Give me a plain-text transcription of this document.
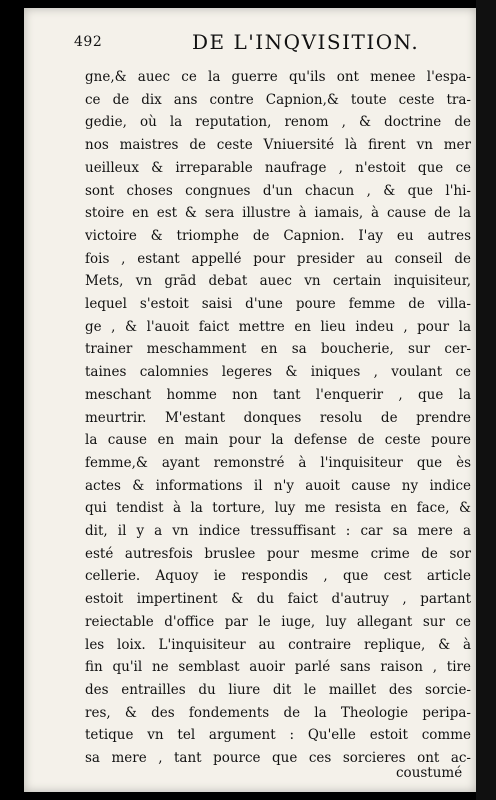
492	DE L'INQVISITION.
gne,& auec ce la guerre qu'ils ont menee l'espa-
ce de dix ans contre Capnion,& toute ceste tra-
gedie, où la reputation, renom , & doctrine de
nos maistres de ceste Vniuersité là firent vn mer
ueilleux & irreparable naufrage , n'estoit que ce
sont choses congnues d'un chacun , & que l'hi-
stoire en est & sera illustre à iamais, à cause de la
victoire & triomphe de Capnion. I'ay eu autres
fois , estant appellé pour presider au conseil de
Mets, vn grād debat auec vn certain inquisiteur,
lequel s'estoit saisi d'une poure femme de villa-
ge , & l'auoit faict mettre en lieu indeu , pour la
trainer meschamment en sa boucherie, sur cer-
taines calomnies legeres & iniques , voulant ce
meschant homme non tant l'enquerir , que la
meurtrir. M'estant donques resolu de prendre
la cause en main pour la defense de ceste poure
femme,& ayant remonstré à l'inquisiteur que ès
actes & informations il n'y auoit cause ny indice
qui tendist à la torture, luy me resista en face, &
dit, il y a vn indice tressuffisant : car sa mere a
esté autresfois bruslee pour mesme crime de sor
cellerie. Aquoy ie respondis , que cest article
estoit impertinent & du faict d'autruy , partant
reiectable d'office par le iuge, luy allegant sur ce
les loix. L'inquisiteur au contraire replique, & à
fin qu'il ne semblast auoir parlé sans raison , tire
des entrailles du liure dit le maillet des sorcie-
res, & des fondements de la Theologie peripa-
tetique vn tel argument : Qu'elle estoit comme
sa mere , tant pource que ces sorcieres ont ac-
coustumé
